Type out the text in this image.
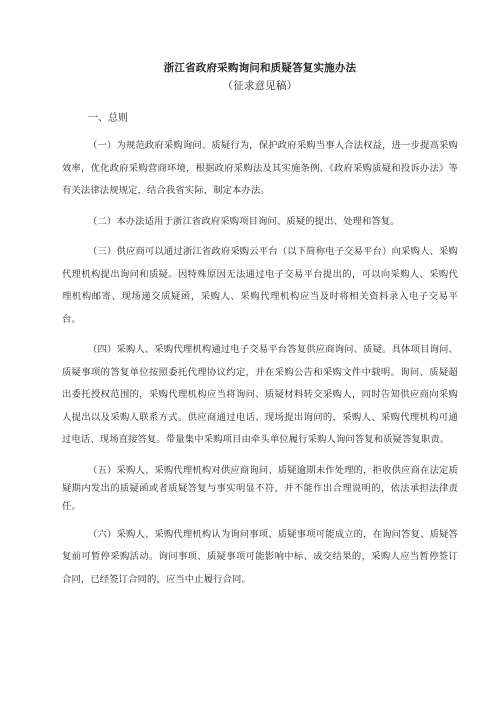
浙江省政府采购询问和质疑答复实施办法
（征求意见稿）
一、总则

（一）为规范政府采购询问、质疑行为，保护政府采购当事人合法权益，进一步提高采购效率，优化政府采购营商环境，根据政府采购法及其实施条例、《政府采购质疑和投诉办法》等有关法律法规规定，结合我省实际，制定本办法。

（二）本办法适用于浙江省政府采购项目询问、质疑的提出、处理和答复。

（三）供应商可以通过浙江省政府采购云平台（以下简称电子交易平台）向采购人、采购代理机构提出询问和质疑。因特殊原因无法通过电子交易平台提出的，可以向采购人、采购代理机构邮寄、现场递交质疑函，采购人、采购代理机构应当及时将相关资料录入电子交易平台。

（四）采购人、采购代理机构通过电子交易平台答复供应商询问、质疑。具体项目询问、质疑事项的答复单位按照委托代理协议约定，并在采购公告和采购文件中载明。询问、质疑超出委托授权范围的，采购代理机构应当将询问、质疑材料转交采购人，同时告知供应商向采购人提出以及采购人联系方式。供应商通过电话、现场提出询问的，采购人、采购代理机构可通过电话、现场直接答复。带量集中采购项目由牵头单位履行采购人询问答复和质疑答复职责。

（五）采购人、采购代理机构对供应商询问、质疑逾期未作处理的，拒收供应商在法定质疑期内发出的质疑函或者质疑答复与事实明显不符，并不能作出合理说明的，依法承担法律责任。

（六）采购人、采购代理机构认为询问事项、质疑事项可能成立的，在询问答复、质疑答复前可暂停采购活动。询问事项、质疑事项可能影响中标、成交结果的，采购人应当暂停签订合同，已经签订合同的，应当中止履行合同。
